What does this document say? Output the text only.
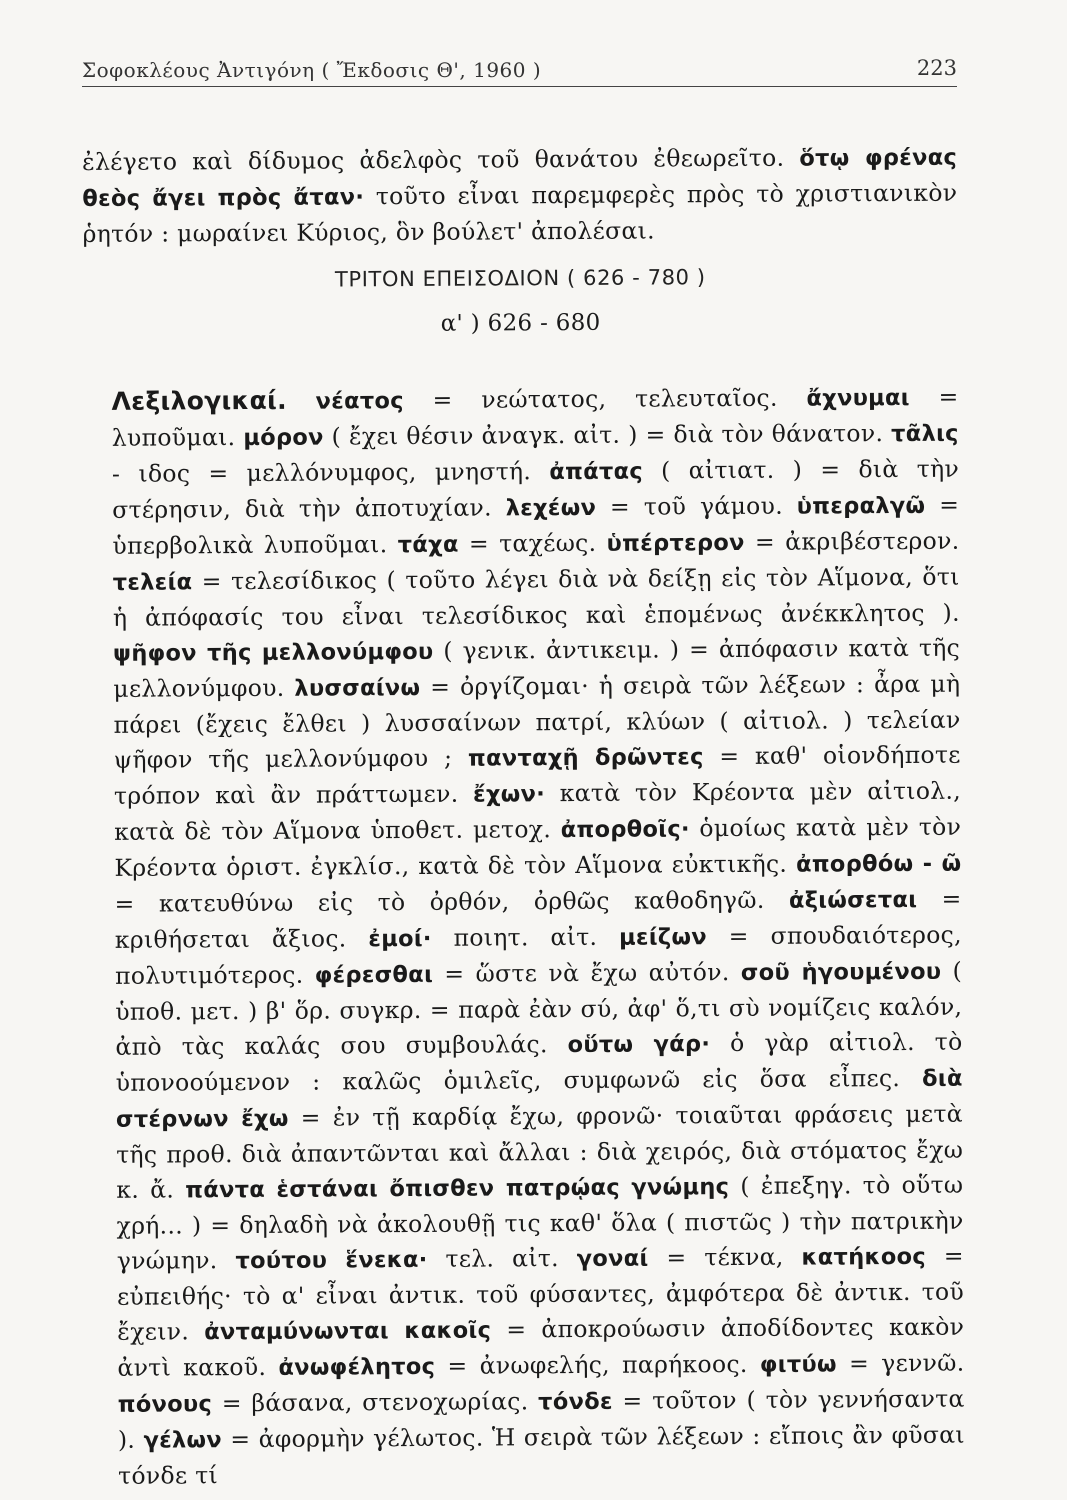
Σοφοκλέους Ἀντιγόνη ( Ἔκδοσις Θ', 1960 )	223

ἐλέγετο καὶ δίδυμος ἀδελφὸς τοῦ θανάτου ἐθεωρεῖτο. ὅτῳ φρένας θεὸς ἄγει πρὸς ἄταν· τοῦτο εἶναι παρεμφερὲς πρὸς τὸ χριστιανικὸν ῥητόν : μωραίνει Κύριος, ὃν βούλετ' ἀπολέσαι.

ΤΡΙΤΟΝ ΕΠΕΙΣΟΔΙΟΝ ( 626 - 780 )
α' ) 626 - 680

Λεξιλογικαί. νέατος = νεώτατος, τελευταῖος. ἄχνυμαι = λυποῦμαι. μόρον ( ἔχει θέσιν ἀναγκ. αἰτ. ) = διὰ τὸν θάνατον. τᾶλις - ιδος = μελλόνυμφος, μνηστή. ἀπάτας ( αἰτιατ. ) = διὰ τὴν στέρησιν, διὰ τὴν ἀποτυχίαν. λεχέων = τοῦ γάμου. ὑπεραλγῶ = ὑπερβολικὰ λυποῦμαι. τάχα = ταχέως. ὑπέρτερον = ἀκριβέστερον. τελεία = τελεσίδικος ( τοῦτο λέγει διὰ νὰ δείξῃ εἰς τὸν Αἵμονα, ὅτι ἡ ἀπόφασίς του εἶναι τελεσίδικος καὶ ἑπομένως ἀνέκκλητος ). ψῆφον τῆς μελλονύμφου ( γενικ. ἀντικειμ. ) = ἀπόφασιν κατὰ τῆς μελλονύμφου. λυσσαίνω = ὀργίζομαι· ἡ σειρὰ τῶν λέξεων : ἆρα μὴ πάρει (ἔχεις ἔλθει ) λυσσαίνων πατρί, κλύων ( αἰτιολ. ) τελείαν ψῆφον τῆς μελλονύμφου ; πανταχῇ δρῶντες = καθ' οἱονδήποτε τρόπον καὶ ἂν πράττωμεν. ἔχων· κατὰ τὸν Κρέοντα μὲν αἰτιολ., κατὰ δὲ τὸν Αἵμονα ὑποθετ. μετοχ. ἀπορθοῖς· ὁμοίως κατὰ μὲν τὸν Κρέοντα ὁριστ. ἐγκλίσ., κατὰ δὲ τὸν Αἵμονα εὐκτικῆς. ἀπορθόω - ῶ = κατευθύνω εἰς τὸ ὀρθόν, ὀρθῶς καθοδηγῶ. ἀξιώσεται = κριθήσεται ἄξιος. ἐμοί· ποιητ. αἰτ. μείζων = σπουδαιότερος, πολυτιμότερος. φέρεσθαι = ὥστε νὰ ἔχω αὐτόν. σοῦ ἡγουμένου ( ὑποθ. μετ. ) β' ὅρ. συγκρ. = παρὰ ἐὰν σύ, ἀφ' ὅ,τι σὺ νομίζεις καλόν, ἀπὸ τὰς καλάς σου συμβουλάς. οὕτω γάρ· ὁ γὰρ αἰτιολ. τὸ ὑπονοούμενον : καλῶς ὁμιλεῖς, συμφωνῶ εἰς ὅσα εἶπες. διὰ στέρνων ἔχω = ἐν τῇ καρδίᾳ ἔχω, φρονῶ· τοιαῦται φράσεις μετὰ τῆς προθ. διὰ ἀπαντῶνται καὶ ἄλλαι : διὰ χειρός, διὰ στόματος ἔχω κ. ἄ. πάντα ἑστάναι ὄπισθεν πατρῴας γνώμης ( ἐπεξηγ. τὸ οὕτω χρή... ) = δηλαδὴ νὰ ἀκολουθῇ τις καθ' ὅλα ( πιστῶς ) τὴν πατρικὴν γνώμην. τούτου ἕνεκα· τελ. αἰτ. γοναί = τέκνα, κατήκοος = εὐπειθής· τὸ α' εἶναι ἀντικ. τοῦ φύσαντες, ἀμφότερα δὲ ἀντικ. τοῦ ἔχειν. ἀνταμύνωνται κακοῖς = ἀποκρούωσιν ἀποδίδοντες κακὸν ἀντὶ κακοῦ. ἀνωφέλητος = ἀνωφελής, παρήκοος. φιτύω = γεννῶ. πόνους = βάσανα, στενοχωρίας. τόνδε = τοῦτον ( τὸν γεννήσαντα ). γέλων = ἀφορμὴν γέλωτος. Ἡ σειρὰ τῶν λέξεων : εἴποις ἂν φῦσαι τόνδε τί
